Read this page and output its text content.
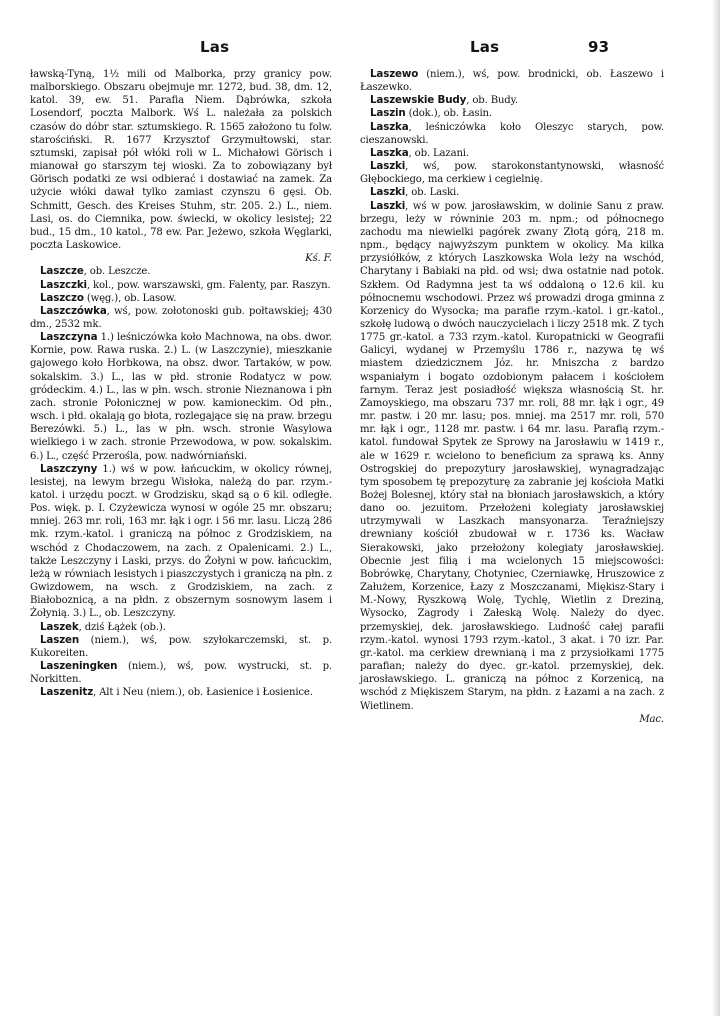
Las	Las	93

ławską-Tyną, 1½ mili od Malborka, przy granicy pow. malborskiego. Obszaru obejmuje mr. 1272, bud. 38, dm. 12, katol. 39, ew. 51. Parafia Niem. Dąbrówka, szkoła Losendorf, poczta Malbork. Wś L. należała za polskich czasów do dóbr star. sztumskiego. R. 1565 założono tu folw. starościński. R. 1677 Krzysztof Grzymułtowski, star. sztumski, zapisał pół włóki roli w L. Michałowi Görisch i mianował go starszym tej wioski. Za to zobowiązany był Görisch podatki ze wsi odbierać i dostawiać na zamek. Za użycie włóki dawał tylko zamiast czynszu 6 gęsi. Ob. Schmitt, Gesch. des Kreises Stuhm, str. 205. 2.) L., niem. Lasi, os. do Ciemnika, pow. świecki, w okolicy lesistej; 22 bud., 15 dm., 10 katol., 78 ew. Par. Jeżewo, szkoła Węglarki, poczta Laskowice.

Kś. F.

Laszcze, ob. Leszcze.

Laszczki, kol., pow. warszawski, gm. Falenty, par. Raszyn.

Laszczo (węg.), ob. Lasow.

Laszczówka, wś, pow. zołotonoski gub. połtawskiej; 430 dm., 2532 mk.

Laszczyna 1.) leśniczówka koło Machnowa, na obs. dwor. Kornie, pow. Rawa ruska. 2.) L. (w Laszczynie), mieszkanie gajowego koło Horbkowa, na obsz. dwor. Tartaków, w pow. sokalskim. 3.) L., las w płd. stronie Rodatycz w pow. gródeckim. 4.) L., las w płn. wsch. stronie Nieznanowa i płn zach. stronie Połonicznej w pow. kamioneckim. Od płn., wsch. i płd. okalają go błota, rozlegające się na praw. brzegu Berezówki. 5.) L., las w płn. wsch. stronie Wasylowa wielkiego i w zach. stronie Przewodowa, w pow. sokalskim. 6.) L., część Przerośla, pow. nadwórniański.

Laszczyny 1.) wś w pow. łańcuckim, w okolicy równej, lesistej, na lewym brzegu Wisłoka, należą do par. rzym.-katol. i urzędu poczt. w Grodzisku, skąd są o 6 kil. odległe. Pos. więk. p. I. Czyżewicza wynosi w ogóle 25 mr. obszaru; mniej. 263 mr. roli, 163 mr. łąk i ogr. i 56 mr. lasu. Liczą 286 mk. rzym.-katol. i graniczą na północ z Grodziskiem, na wschód z Chodaczowem, na zach. z Opalenicami. 2.) L., także Leszczyny i Laski, przys. do Żołyni w pow. łańcuckim, leżą w równiach lesistych i piaszczystych i graniczą na płn. z Gwizdowem, na wsch. z Grodziskiem, na zach. z Białoboznicą, a na płdn. z obszernym sosnowym lasem i Żołynią. 3.) L., ob. Leszczyny.

Laszek, dziś Łążek (ob.).

Laszen (niem.), wś, pow. szyłokarczemski, st. p. Kukoreiten.

Laszeningken (niem.), wś, pow. wystrucki, st. p. Norkitten.

Laszenitz, Alt i Neu (niem.), ob. Łasienice i Łosienice.

Laszewo (niem.), wś, pow. brodnicki, ob. Łaszewo i Łaszewko.

Laszewskie Budy, ob. Budy.

Laszin (dok.), ob. Łasin.

Laszka, leśniczówka koło Oleszyc starych, pow. cieszanowski.

Laszka, ob. Lazani.

Laszki, wś, pow. starokonstantynowski, własność Głębockiego, ma cerkiew i cegielnię.

Laszki, ob. Laski.

Laszki, wś w pow. jarosławskim, w dolinie Sanu z praw. brzegu, leży w równinie 203 m. npm.; od północnego zachodu ma niewielki pagórek zwany Złotą górą, 218 m. npm., będący najwyższym punktem w okolicy. Ma kilka przysiółków, z których Laszkowska Wola leży na wschód, Charytany i Babiaki na płd. od wsi; dwa ostatnie nad potok. Szkłem. Od Radymna jest ta wś oddaloną o 12.6 kil. ku północnemu wschodowi. Przez wś prowadzi droga gminna z Korzenicy do Wysocka; ma parafie rzym.-katol. i gr.-katol., szkołę ludową o dwóch nauczycielach i liczy 2518 mk. Z tych 1775 gr.-katol. a 733 rzym.-katol. Kuropatnicki w Geografii Galicyi, wydanej w Przemyślu 1786 r., nazywa tę wś miastem dziedzicznem Józ. hr. Mniszcha z bardzo wspaniałym i bogato ozdobionym pałacem i kościołem farnym. Teraz jest posiadłość większa własnością St. hr. Zamoyskiego, ma obszaru 737 mr. roli, 88 mr. łąk i ogr., 49 mr. pastw. i 20 mr. lasu; pos. mniej. ma 2517 mr. roli, 570 mr. łąk i ogr., 1128 mr. pastw. i 64 mr. lasu. Parafią rzym.-katol. fundował Spytek ze Sprowy na Jarosławiu w 1419 r., ale w 1629 r. wcielono to beneficium za sprawą ks. Anny Ostrogskiej do prepozytury jarosławskiej, wynagradzając tym sposobem tę prepozyturę za zabranie jej kościoła Matki Bożej Bolesnej, który stał na błoniach jarosławskich, a który dano oo. jezuitom. Przełożeni kolegiaty jarosławskiej utrzymywali w Laszkach mansyonarza. Teraźniejszy drewniany kościół zbudował w r. 1736 ks. Wacław Sierakowski, jako przełożony kolegiaty jarosławskiej. Obecnie jest filią i ma wcielonych 15 miejscowości: Bobrówkę, Charytany, Chotyniec, Czerniawkę, Hruszowice z Załużem, Korzenice, Łazy z Moszczanami, Miękisz-Stary i M.-Nowy, Ryszkową Wolę, Tychlę, Wietlin z Dreziną, Wysocko, Zagrody i Załeską Wolę. Należy do dyec. przemyskiej, dek. jarosławskiego. Ludność całej parafii rzym.-katol. wynosi 1793 rzym.-katol., 3 akat. i 70 izr. Par. gr.-katol. ma cerkiew drewnianą i ma z przysiołkami 1775 parafian; należy do dyec. gr.-katol. przemyskiej, dek. jarosławskiego. L. graniczą na północ z Korzenicą, na wschód z Miękiszem Starym, na płdn. z Łazami a na zach. z Wietlinem.

Mac.
